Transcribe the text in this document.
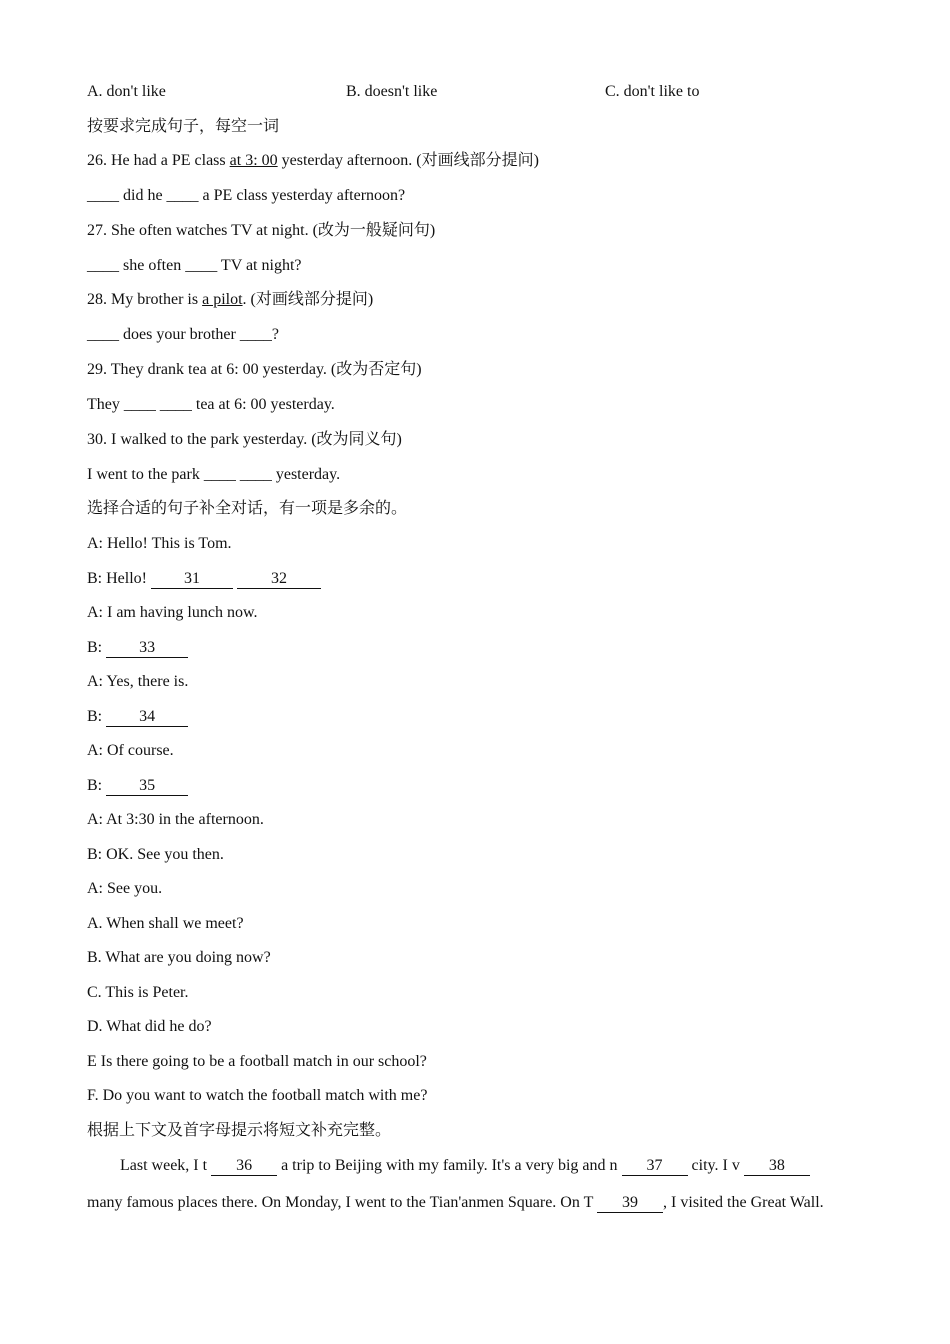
A. don't like	B. doesn't like	C. don't like to
按要求完成句子，每空一词
26. He had a PE class at 3: 00 yesterday afternoon. (对画线部分提问)
____ did he ____ a PE class yesterday afternoon?
27. She often watches TV at night. (改为一般疑问句)
____ she often ____ TV at night?
28. My brother is a pilot. (对画线部分提问)
____ does your brother ____?
29. They drank tea at 6: 00 yesterday. (改为否定句)
They ____ ____ tea at 6: 00 yesterday.
30. I walked to the park yesterday. (改为同义句)
I went to the park ____ ____ yesterday.
选择合适的句子补全对话，有一项是多余的。
A: Hello! This is Tom.
B: Hello! 31	32
A: I am having lunch now.
B: 33
A: Yes, there is.
B: 34
A: Of course.
B: 35
A: At 3:30 in the afternoon.
B: OK. See you then.
A: See you.
A. When shall we meet?
B. What are you doing now?
C. This is Peter.
D. What did he do?
E Is there going to be a football match in our school?
F. Do you want to watch the football match with me?
根据上下文及首字母提示将短文补充完整。
Last week, I t 36 a trip to Beijing with my family. It's a very big and n 37 city. I v 38
many famous places there. On Monday, I went to the Tian'anmen Square. On T 39 , I visited the Great Wall.
